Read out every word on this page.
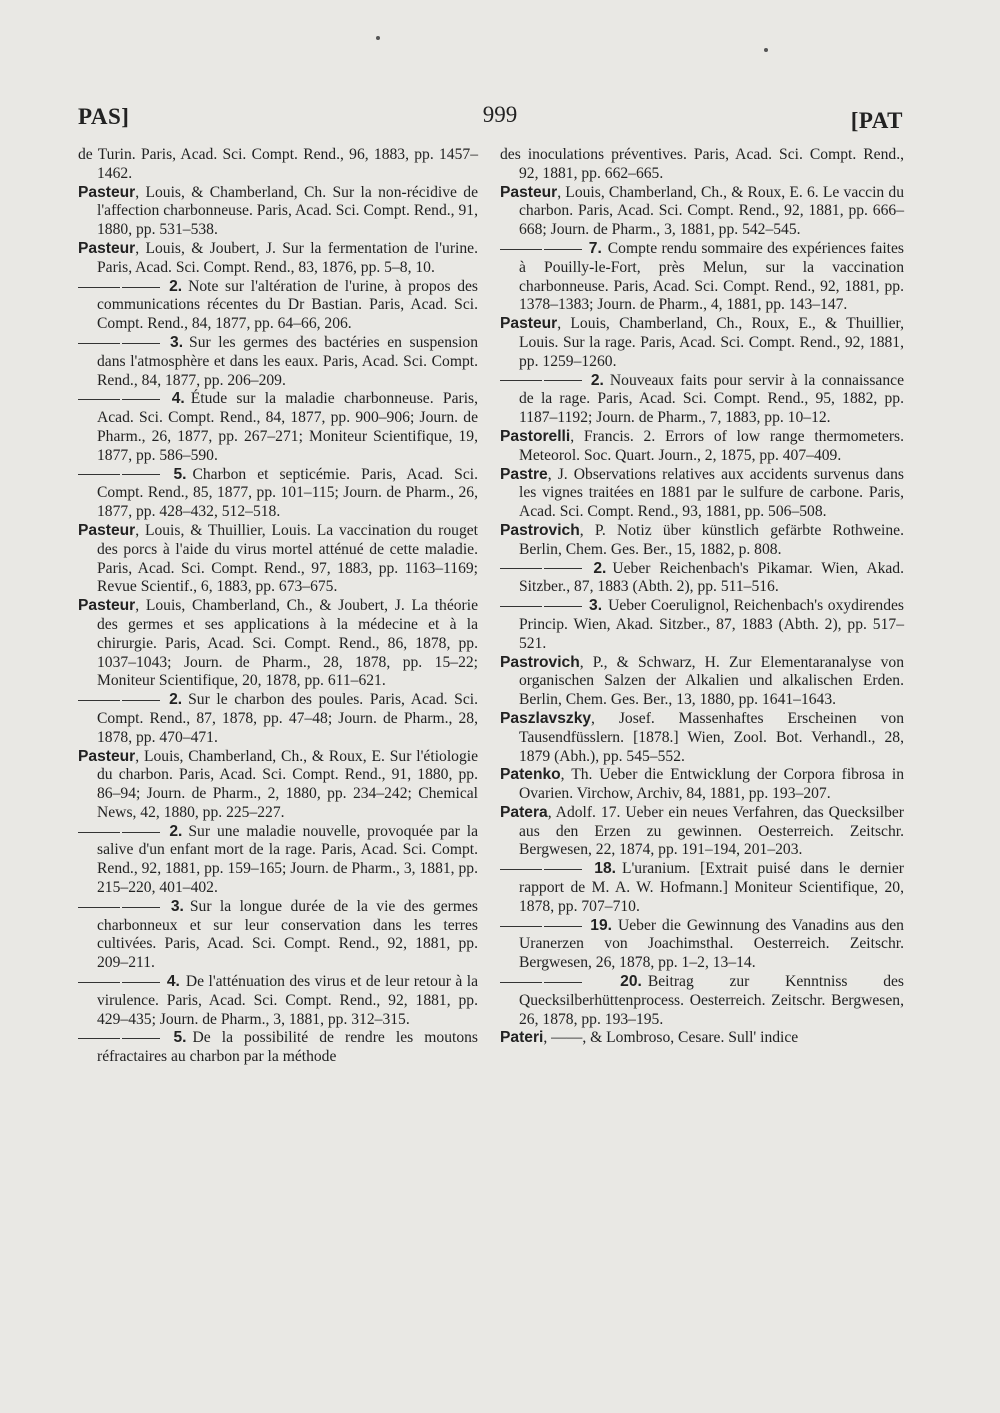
PAS]	999	[PAT

de Turin. Paris, Acad. Sci. Compt. Rend., 96, 1883, pp. 1457–1462.

Pasteur, Louis, & Chamberland, Ch. Sur la non-récidive de l'affection charbonneuse. Paris, Acad. Sci. Compt. Rend., 91, 1880, pp. 531–538.

Pasteur, Louis, & Joubert, J. Sur la fermentation de l'urine. Paris, Acad. Sci. Compt. Rend., 83, 1876, pp. 5–8, 10.

2. Note sur l'altération de l'urine, à propos des communications récentes du Dr Bastian. Paris, Acad. Sci. Compt. Rend., 84, 1877, pp. 64–66, 206.

3. Sur les germes des bactéries en suspension dans l'atmosphère et dans les eaux. Paris, Acad. Sci. Compt. Rend., 84, 1877, pp. 206–209.

4. Étude sur la maladie charbonneuse. Paris, Acad. Sci. Compt. Rend., 84, 1877, pp. 900–906; Journ. de Pharm., 26, 1877, pp. 267–271; Moniteur Scientifique, 19, 1877, pp. 586–590.

5. Charbon et septicémie. Paris, Acad. Sci. Compt. Rend., 85, 1877, pp. 101–115; Journ. de Pharm., 26, 1877, pp. 428–432, 512–518.

Pasteur, Louis, & Thuillier, Louis. La vaccination du rouget des porcs à l'aide du virus mortel atténué de cette maladie. Paris, Acad. Sci. Compt. Rend., 97, 1883, pp. 1163–1169; Revue Scientif., 6, 1883, pp. 673–675.

Pasteur, Louis, Chamberland, Ch., & Joubert, J. La théorie des germes et ses applications à la médecine et à la chirurgie. Paris, Acad. Sci. Compt. Rend., 86, 1878, pp. 1037–1043; Journ. de Pharm., 28, 1878, pp. 15–22; Moniteur Scientifique, 20, 1878, pp. 611–621.

2. Sur le charbon des poules. Paris, Acad. Sci. Compt. Rend., 87, 1878, pp. 47–48; Journ. de Pharm., 28, 1878, pp. 470–471.

Pasteur, Louis, Chamberland, Ch., & Roux, E. Sur l'étiologie du charbon. Paris, Acad. Sci. Compt. Rend., 91, 1880, pp. 86–94; Journ. de Pharm., 2, 1880, pp. 234–242; Chemical News, 42, 1880, pp. 225–227.

2. Sur une maladie nouvelle, provoquée par la salive d'un enfant mort de la rage. Paris, Acad. Sci. Compt. Rend., 92, 1881, pp. 159–165; Journ. de Pharm., 3, 1881, pp. 215–220, 401–402.

3. Sur la longue durée de la vie des germes charbonneux et sur leur conservation dans les terres cultivées. Paris, Acad. Sci. Compt. Rend., 92, 1881, pp. 209–211.

4. De l'atténuation des virus et de leur retour à la virulence. Paris, Acad. Sci. Compt. Rend., 92, 1881, pp. 429–435; Journ. de Pharm., 3, 1881, pp. 312–315.

5. De la possibilité de rendre les moutons réfractaires au charbon par la méthode

des inoculations préventives. Paris, Acad. Sci. Compt. Rend., 92, 1881, pp. 662–665.

Pasteur, Louis, Chamberland, Ch., & Roux, E. 6. Le vaccin du charbon. Paris, Acad. Sci. Compt. Rend., 92, 1881, pp. 666–668; Journ. de Pharm., 3, 1881, pp. 542–545.

7. Compte rendu sommaire des expériences faites à Pouilly-le-Fort, près Melun, sur la vaccination charbonneuse. Paris, Acad. Sci. Compt. Rend., 92, 1881, pp. 1378–1383; Journ. de Pharm., 4, 1881, pp. 143–147.

Pasteur, Louis, Chamberland, Ch., Roux, E., & Thuillier, Louis. Sur la rage. Paris, Acad. Sci. Compt. Rend., 92, 1881, pp. 1259–1260.

2. Nouveaux faits pour servir à la connaissance de la rage. Paris, Acad. Sci. Compt. Rend., 95, 1882, pp. 1187–1192; Journ. de Pharm., 7, 1883, pp. 10–12.

Pastorelli, Francis. 2. Errors of low range thermometers. Meteorol. Soc. Quart. Journ., 2, 1875, pp. 407–409.

Pastre, J. Observations relatives aux accidents survenus dans les vignes traitées en 1881 par le sulfure de carbone. Paris, Acad. Sci. Compt. Rend., 93, 1881, pp. 506–508.

Pastrovich, P. Notiz über künstlich gefärbte Rothweine. Berlin, Chem. Ges. Ber., 15, 1882, p. 808.

2. Ueber Reichenbach's Pikamar. Wien, Akad. Sitzber., 87, 1883 (Abth. 2), pp. 511–516.

3. Ueber Coerulignol, Reichenbach's oxydirendes Princip. Wien, Akad. Sitzber., 87, 1883 (Abth. 2), pp. 517–521.

Pastrovich, P., & Schwarz, H. Zur Elementaranalyse von organischen Salzen der Alkalien und alkalischen Erden. Berlin, Chem. Ges. Ber., 13, 1880, pp. 1641–1643.

Paszlavszky, Josef. Massenhaftes Erscheinen von Tausendfüsslern. [1878.] Wien, Zool. Bot. Verhandl., 28, 1879 (Abh.), pp. 545–552.

Patenko, Th. Ueber die Entwicklung der Corpora fibrosa in Ovarien. Virchow, Archiv, 84, 1881, pp. 193–207.

Patera, Adolf. 17. Ueber ein neues Verfahren, das Quecksilber aus den Erzen zu gewinnen. Oesterreich. Zeitschr. Bergwesen, 22, 1874, pp. 191–194, 201–203.

18. L'uranium. [Extrait puisé dans le dernier rapport de M. A. W. Hofmann.] Moniteur Scientifique, 20, 1878, pp. 707–710.

19. Ueber die Gewinnung des Vanadins aus den Uranerzen von Joachimsthal. Oesterreich. Zeitschr. Bergwesen, 26, 1878, pp. 1–2, 13–14.

20. Beitrag zur Kenntniss des Quecksilberhüttenprocess. Oesterreich. Zeitschr. Bergwesen, 26, 1878, pp. 193–195.

Pateri, ——, & Lombroso, Cesare. Sull' indice
